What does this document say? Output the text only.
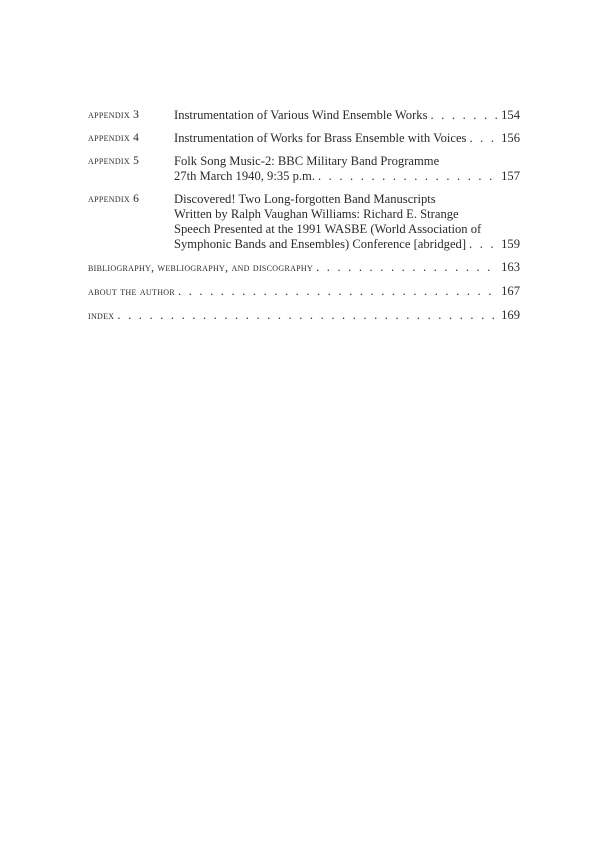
appendix 3	Instrumentation of Various Wind Ensemble Works . . .	154
appendix 4	Instrumentation of Works for Brass Ensemble with Voices . . .	156
appendix 5	Folk Song Music-2: BBC Military Band Programme
27th March 1940, 9:35 p.m. . . .	157
appendix 6	Discovered! Two Long-forgotten Band Manuscripts
Written by Ralph Vaughan Williams: Richard E. Strange
Speech Presented at the 1991 WASBE (World Association of
Symphonic Bands and Ensembles) Conference [abridged] . . .	159
bibliography, webliography, and discography . . .	163
about the author . . .	167
index . . .	169
